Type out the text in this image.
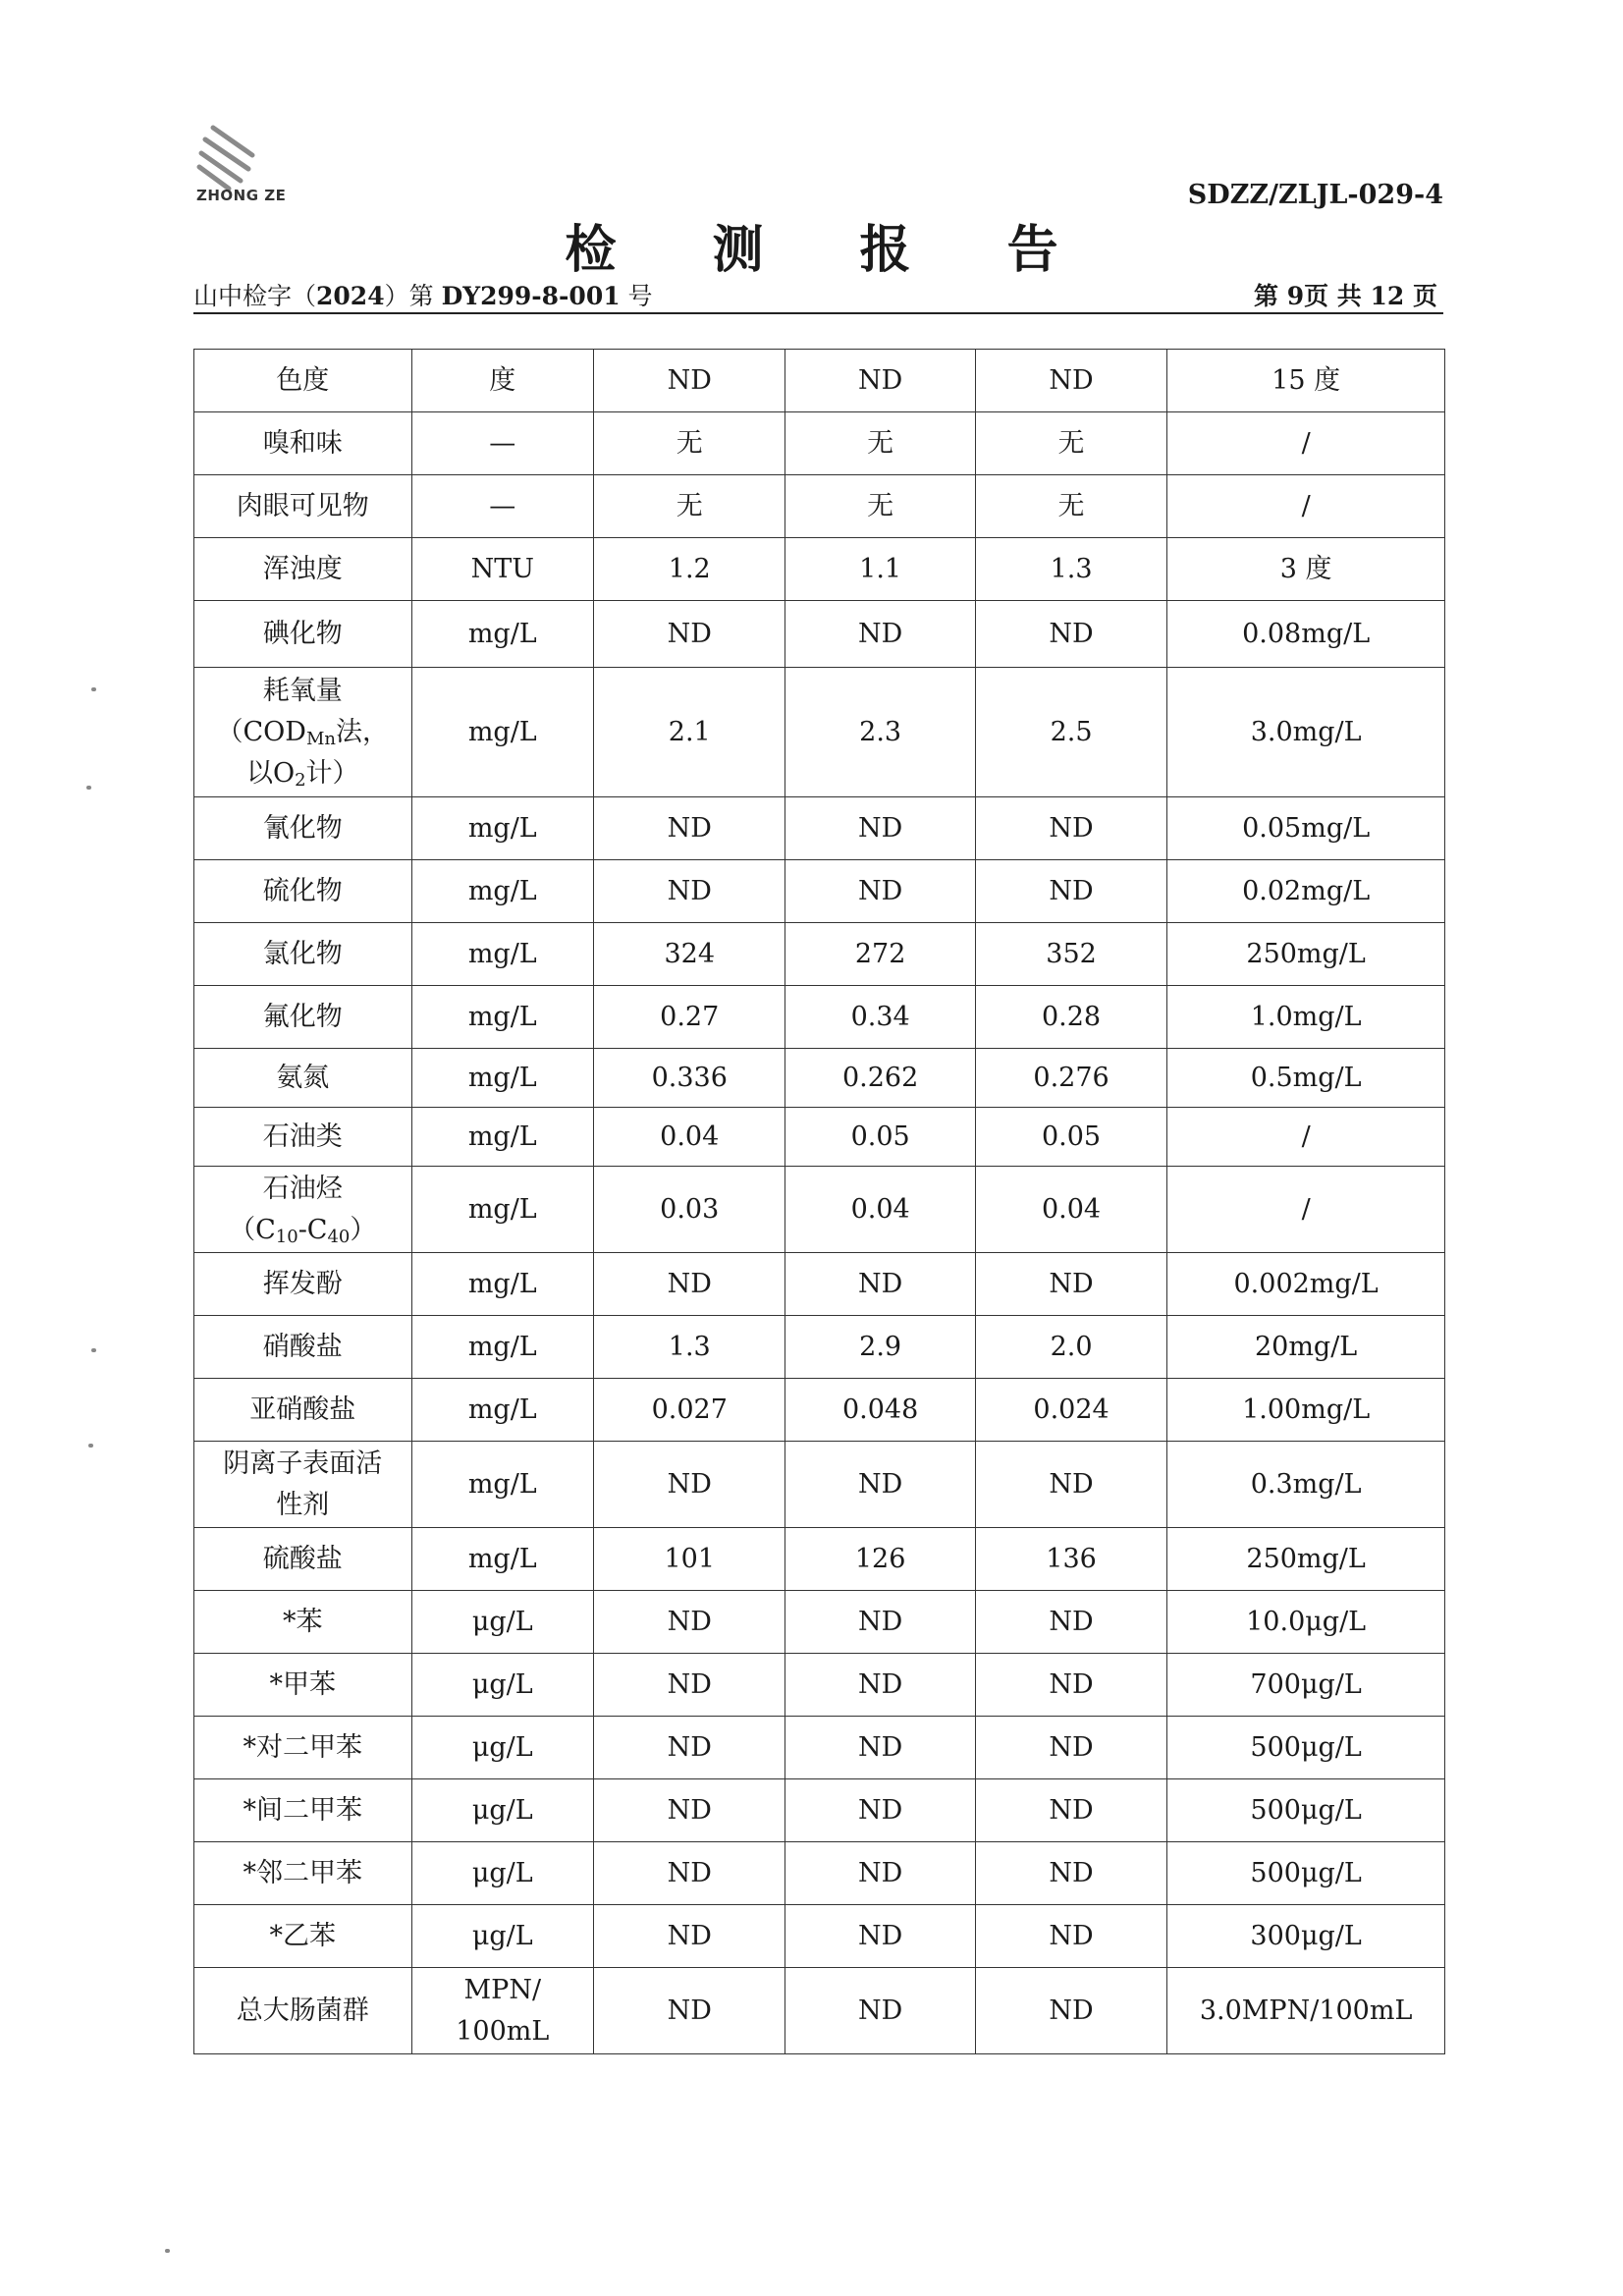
ZHONG ZE	SDZZ/ZLJL-029-4
检 测 报 告
山中检字（2024）第 DY299-8-001 号	第 9页 共 12 页
色度	度	ND	ND	ND	15 度
嗅和味	—	无	无	无	/
肉眼可见物	—	无	无	无	/
浑浊度	NTU	1.2	1.1	1.3	3 度
碘化物	mg/L	ND	ND	ND	0.08mg/L

耗氧量
（$COD_{Mn}$法，
以$O_2$计）	mg/L	2.1	2.3	2.5	3.0mg/L
氰化物	mg/L	ND	ND	ND	0.05mg/L
硫化物	mg/L	ND	ND	ND	0.02mg/L
氯化物	mg/L	324	272	352	250mg/L
氟化物	mg/L	0.27	0.34	0.28	1.0mg/L
氨氮	mg/L	0.336	0.262	0.276	0.5mg/L
石油类	mg/L	0.04	0.05	0.05	/

石油烃
$(C_{10}-C_{40})$	mg/L	0.03	0.04	0.04	/
挥发酚	mg/L	ND	ND	ND	0.002mg/L
硝酸盐	mg/L	1.3	2.9	2.0	20mg/L
亚硝酸盐	mg/L	0.027	0.048	0.024	1.00mg/L

阴离子表面活
性剂	mg/L	ND	ND	ND	0.3mg/L
硫酸盐	mg/L	101	126	136	250mg/L
*苯	μg/L	ND	ND	ND	10.0μg/L
*甲苯	μg/L	ND	ND	ND	700μg/L
*对二甲苯	μg/L	ND	ND	ND	500μg/L
*间二甲苯	μg/L	ND	ND	ND	500μg/L
*邻二甲苯	μg/L	ND	ND	ND	500μg/L
*乙苯	μg/L	ND	ND	ND	300μg/L
总大肠菌群	MPN/
100mL	ND	ND	ND	3.0MPN/100mL
